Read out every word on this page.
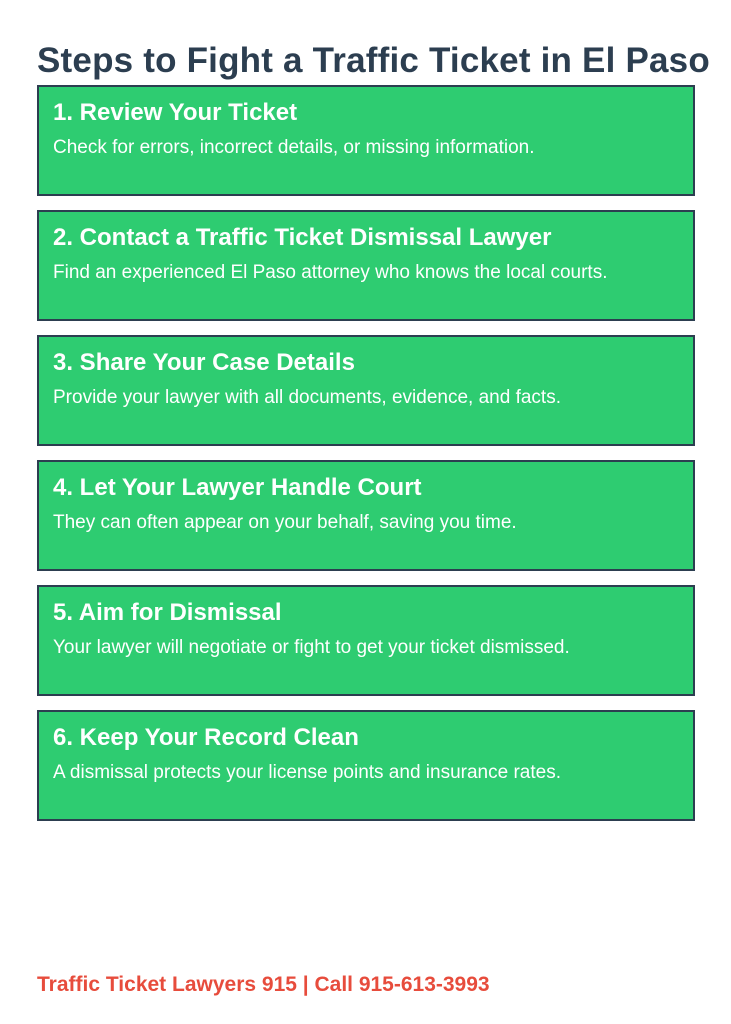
Steps to Fight a Traffic Ticket in El Paso
1. Review Your Ticket

Check for errors, incorrect details, or missing information.

2. Contact a Traffic Ticket Dismissal Lawyer

Find an experienced El Paso attorney who knows the local courts.

3. Share Your Case Details

Provide your lawyer with all documents, evidence, and facts.

4. Let Your Lawyer Handle Court

They can often appear on your behalf, saving you time.

5. Aim for Dismissal

Your lawyer will negotiate or fight to get your ticket dismissed.

6. Keep Your Record Clean

A dismissal protects your license points and insurance rates.

Traffic Ticket Lawyers 915 | Call 915-613-3993
